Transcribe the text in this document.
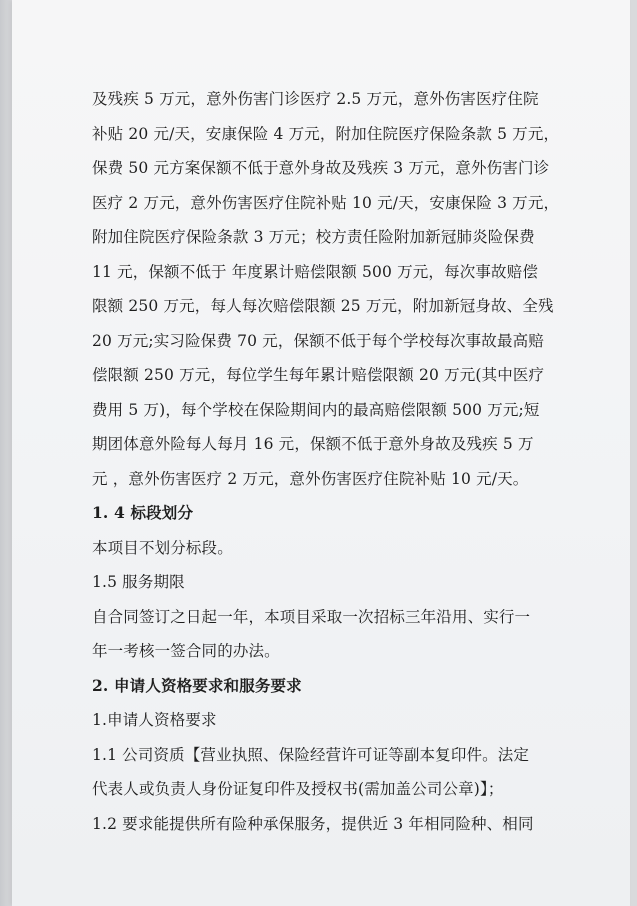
及残疾 5 万元，意外伤害门诊医疗 2.5 万元，意外伤害医疗住院
补贴 20 元/天，安康保险 4 万元，附加住院医疗保险条款 5 万元，
保费 50 元方案保额不低于意外身故及残疾 3 万元，意外伤害门诊
医疗 2 万元，意外伤害医疗住院补贴 10 元/天，安康保险 3 万元，
附加住院医疗保险条款 3 万元；校方责任险附加新冠肺炎险保费
11 元，保额不低于 年度累计赔偿限额 500 万元，每次事故赔偿
限额 250 万元，每人每次赔偿限额 25 万元，附加新冠身故、全残
20 万元;实习险保费 70 元，保额不低于每个学校每次事故最高赔
偿限额 250 万元，每位学生每年累计赔偿限额 20 万元(其中医疗
费用 5 万)，每个学校在保险期间内的最高赔偿限额 500 万元;短
期团体意外险每人每月 16 元，保额不低于意外身故及残疾 5 万
元 ，意外伤害医疗 2 万元，意外伤害医疗住院补贴 10 元/天。
1. 4 标段划分
本项目不划分标段。
1.5 服务期限
自合同签订之日起一年，本项目采取一次招标三年沿用、实行一
年一考核一签合同的办法。
2. 申请人资格要求和服务要求
1.申请人资格要求
1.1 公司资质【营业执照、保险经营许可证等副本复印件。法定
代表人或负责人身份证复印件及授权书(需加盖公司公章)】；
1.2 要求能提供所有险种承保服务，提供近 3 年相同险种、相同
